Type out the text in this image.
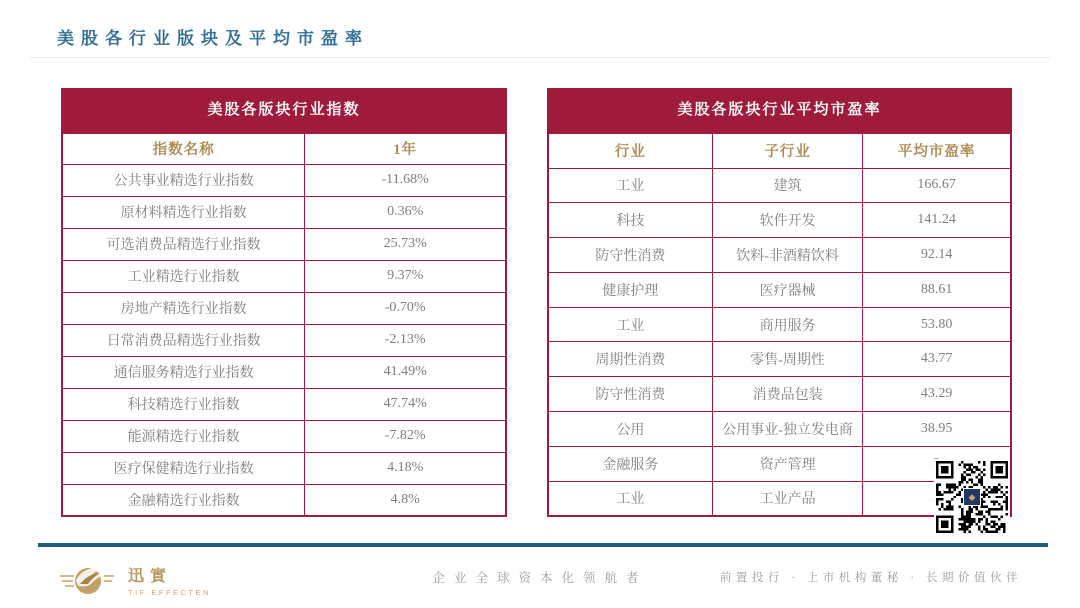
美股各行业版块及平均市盈率
美股各版块行业指数
指数名称	1年
公共事业精选行业指数	-11.68%
原材料精选行业指数	0.36%
可选消费品精选行业指数	25.73%
工业精选行业指数	9.37%
房地产精选行业指数	-0.70%
日常消费品精选行业指数	-2.13%
通信服务精选行业指数	41.49%
科技精选行业指数	47.74%
能源精选行业指数	-7.82%
医疗保健精选行业指数	4.18%
金融精选行业指数	4.8%
美股各版块行业平均市盈率
行业	子行业	平均市盈率
工业	建筑	166.67
科技	软件开发	141.24
防守性消费	饮料-非酒精饮料	92.14
健康护理	医疗器械	88.61
工业	商用服务	53.80
周期性消费	零售-周期性	43.77
防守性消费	消费品包装	43.29
公用	公用事业-独立发电商	38.95
金融服务	资产管理	
工业	工业产品		◆
迅實
TIF EFFECTEN
企业全球资本化领航者	前置投行 · 上市机构董秘 · 长期价值伙伴
